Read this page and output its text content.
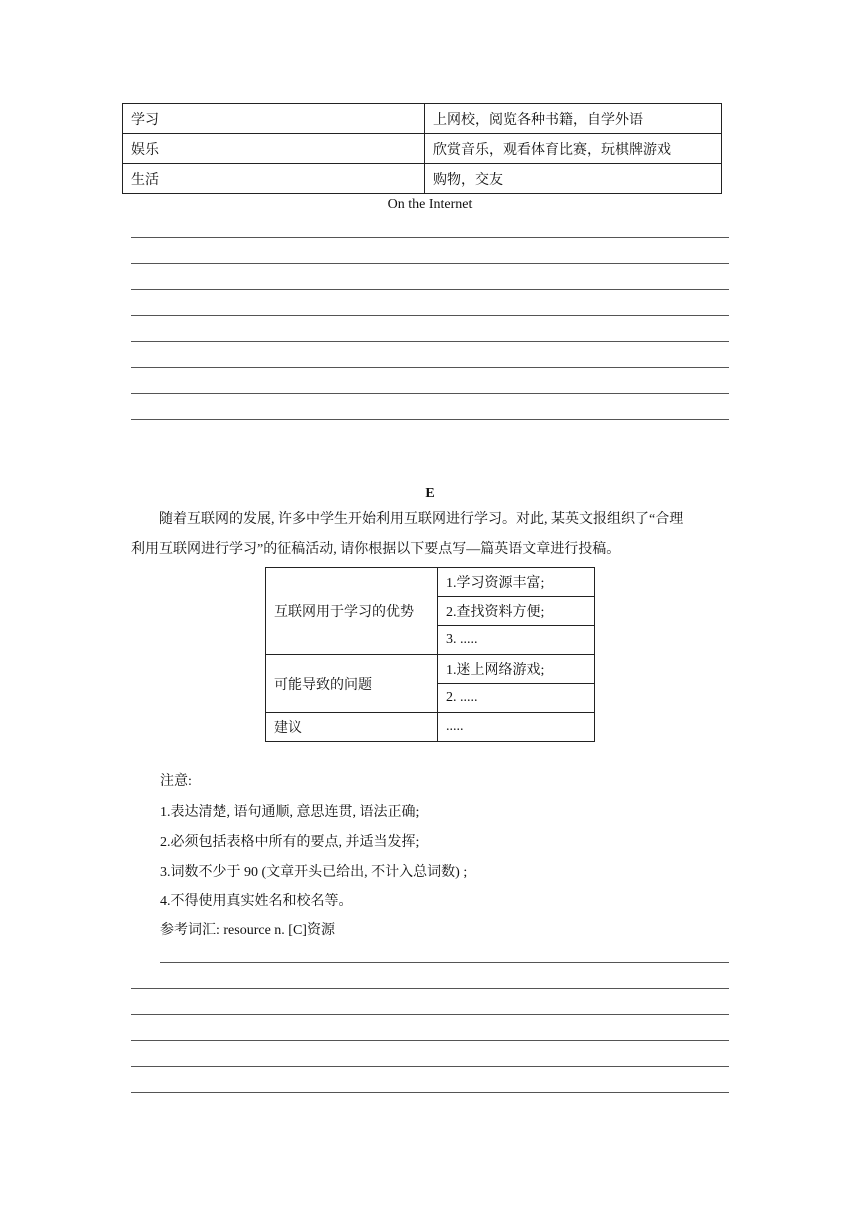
学习	上网校，阅览各种书籍，自学外语
娱乐	欣赏音乐，观看体育比赛，玩棋牌游戏
生活	购物，交友
On the Internet
E
随着互联网的发展, 许多中学生开始利用互联网进行学习。对此, 某英文报组织了“合理
利用互联网进行学习”的征稿活动, 请你根据以下要点写—篇英语文章进行投稿。
互联网用于学习的优势	1.学习资源丰富;
	2.查找资料方便;
	3. .....
可能导致的问题	1.迷上网络游戏;
	2. .....
建议	.....
注意:
1.表达清楚, 语句通顺, 意思连贯, 语法正确;
2.必须包括表格中所有的要点, 并适当发挥;
3.词数不少于 90 (文章开头已给出, 不计入总词数) ;
4.不得使用真实姓名和校名等。
参考词汇: resource n. [C]资源
